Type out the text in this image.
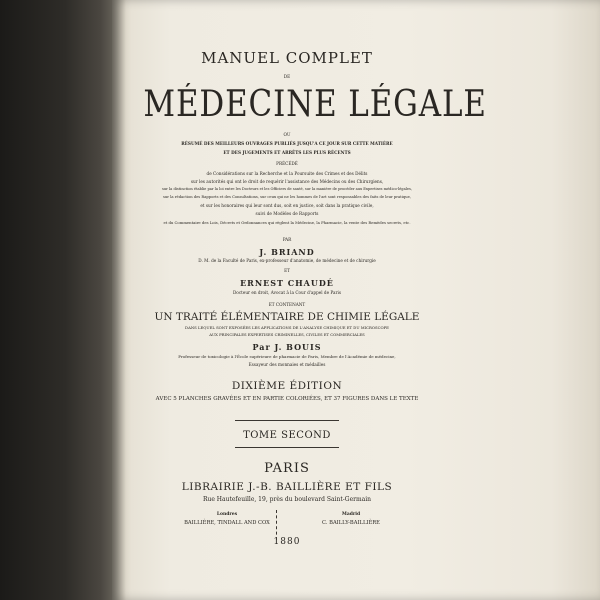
MANUEL COMPLET
DE
MÉDECINE LÉGALE
OU
RÉSUMÉ DES MEILLEURS OUVRAGES PUBLIÉS JUSQU'A CE JOUR SUR CETTE MATIÈRE
ET DES JUGEMENTS ET ARRÊTS LES PLUS RÉCENTS
PRÉCÉDÉ
de Considérations sur la Recherche et la Poursuite des Crimes et des Délits
sur les autorités qui ont le droit de requérir l'assistance des Médecins ou des Chirurgiens,
sur la distinction établie par la loi entre les Docteurs et les Officiers de santé, sur la manière de procéder aux Expertises médico-légales,
sur la rédaction des Rapports et des Consultations, sur ceux qui ne les hommes de l'art sont responsables des faits de leur pratique,
et sur les honoraires qui leur sont dus, soit en justice, soit dans la pratique civile,
suivi de Modèles de Rapports
et du Commentaire des Lois, Décrets et Ordonnances qui règlent la Médecine, la Pharmacie, la vente des Remèdes secrets, etc.
PAR
J. BRIAND
D. M. de la Faculté de Paris, ex-professeur d'anatomie, de médecine et de chirurgie
ET
ERNEST CHAUDÉ
Docteur en droit, Avocat à la Cour d'appel de Paris
ET CONTENANT
UN TRAITÉ ÉLÉMENTAIRE DE CHIMIE LÉGALE
DANS LEQUEL SONT EXPOSÉES LES APPLICATIONS DE L'ANALYSE CHIMIQUE ET DU MICROSCOPE
AUX PRINCIPALES EXPERTISES CRIMINELLES, CIVILES ET COMMERCIALES
Par J. BOUIS
Professeur de toxicologie à l'École supérieure de pharmacie de Paris, Membre de l'Académie de médecine,
Essayeur des monnaies et médailles
DIXIÈME ÉDITION
AVEC 5 PLANCHES GRAVÉES ET EN PARTIE COLORIÉES, ET 37 FIGURES DANS LE TEXTE
TOME SECOND
PARIS
LIBRAIRIE J.-B. BAILLIÈRE ET FILS
Rue Hautefeuille, 19, près du boulevard Saint-Germain
Londres
BAILLIÈRE, TINDALL AND COX
Madrid
C. BAILLY-BAILLIÈRE
1880
